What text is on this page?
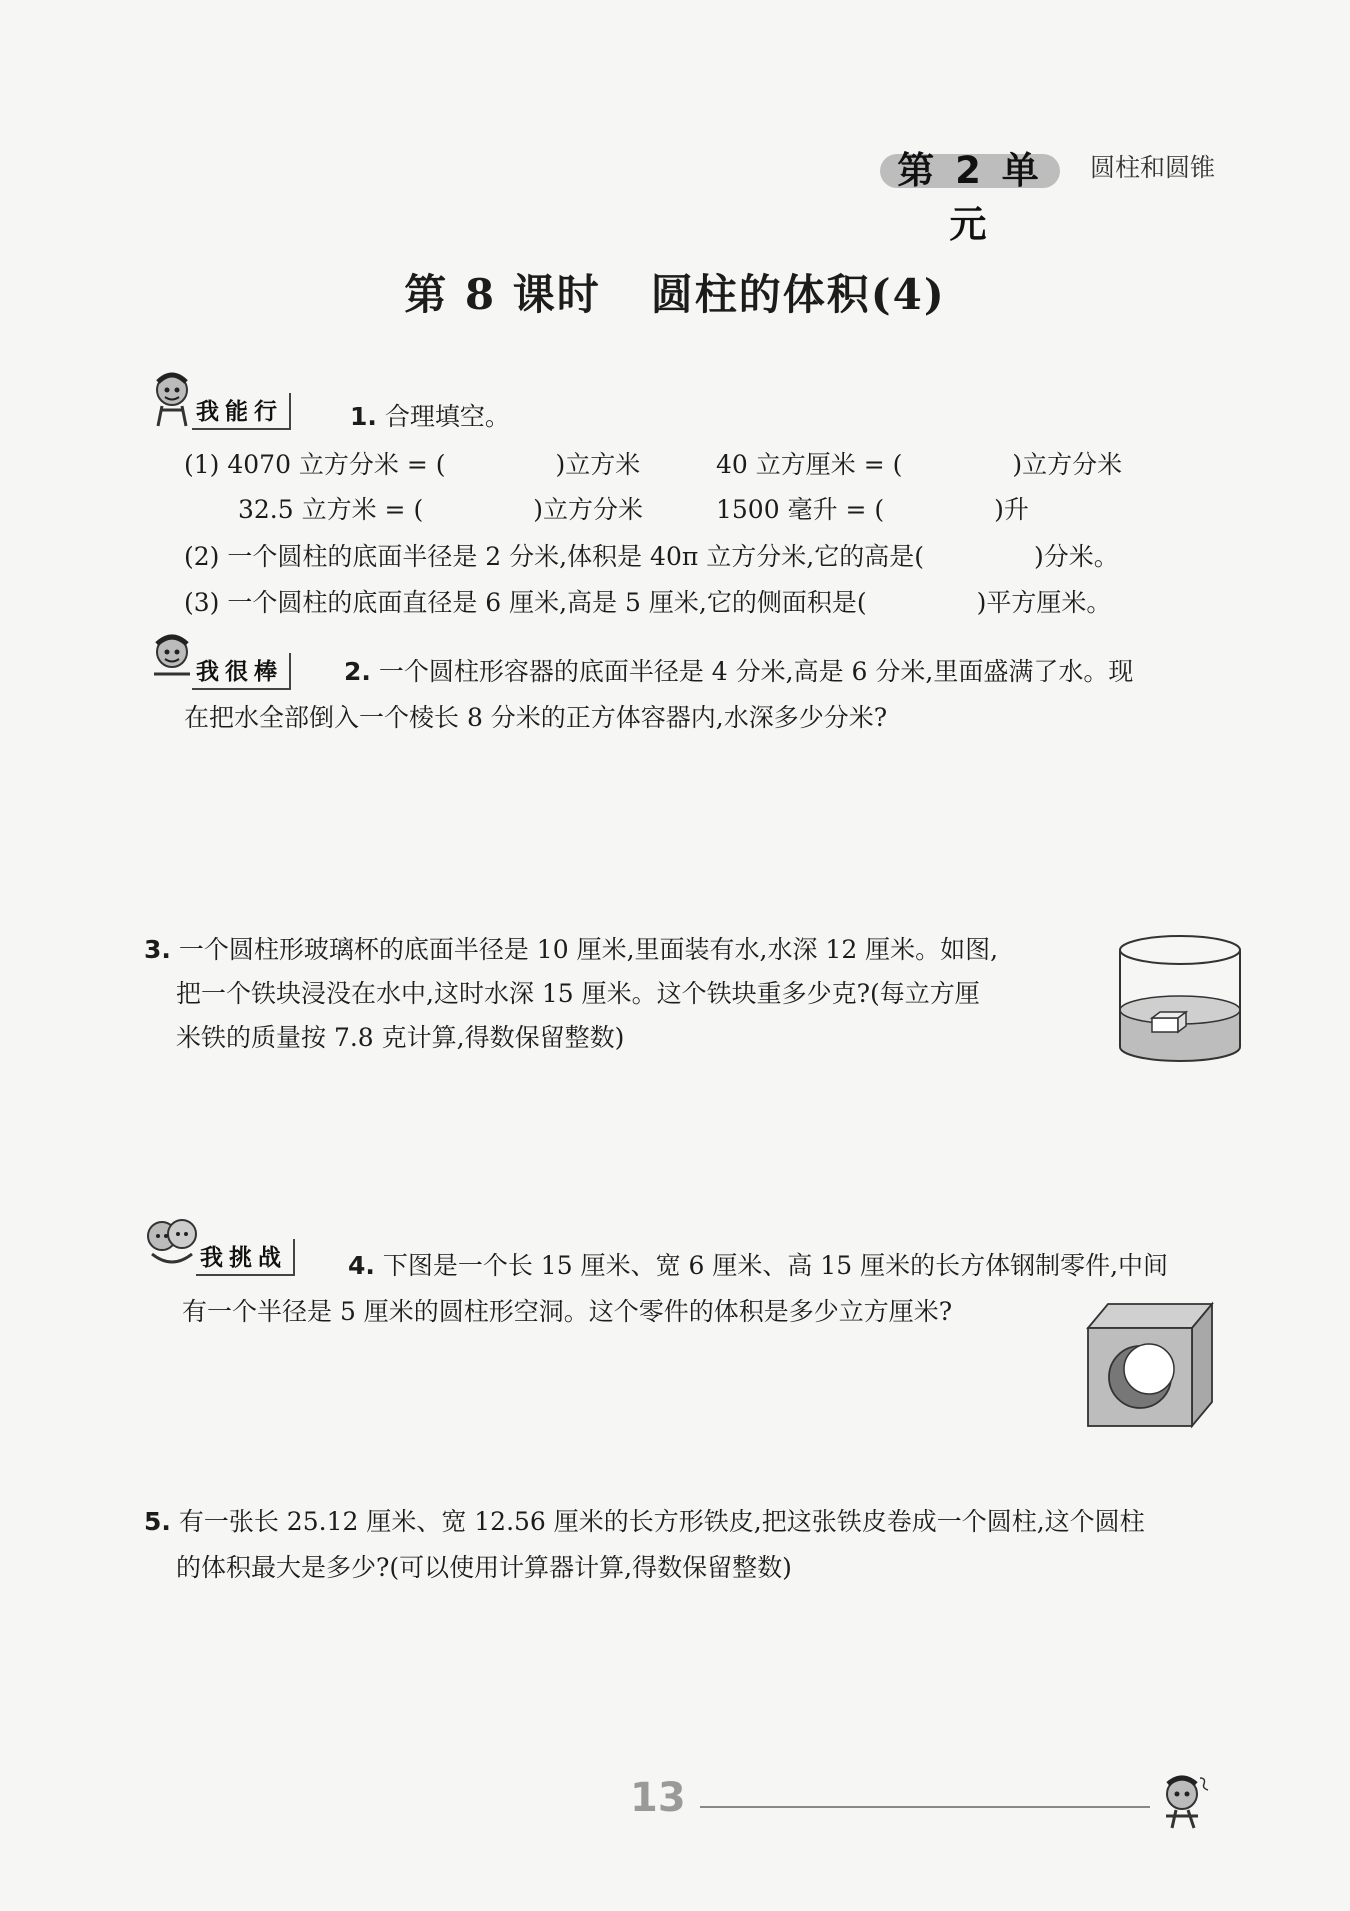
第 2 单元
圆柱和圆锥
第 8 课时 圆柱的体积(4)
我能行	1. 合理填空。
(1) 4070 立方分米 = (	)立方米	40 立方厘米 = (	)立方分米
32.5 立方米 = (	)立方分米	1500 毫升 = (	)升
(2) 一个圆柱的底面半径是 2 分米,体积是 40π 立方分米,它的高是(	)分米。
(3) 一个圆柱的底面直径是 6 厘米,高是 5 厘米,它的侧面积是(	)平方厘米。
我很棒	2. 一个圆柱形容器的底面半径是 4 分米,高是 6 分米,里面盛满了水。现
在把水全部倒入一个棱长 8 分米的正方体容器内,水深多少分米?
3. 一个圆柱形玻璃杯的底面半径是 10 厘米,里面装有水,水深 12 厘米。如图,
把一个铁块浸没在水中,这时水深 15 厘米。这个铁块重多少克?(每立方厘
米铁的质量按 7.8 克计算,得数保留整数)
我挑战	4. 下图是一个长 15 厘米、宽 6 厘米、高 15 厘米的长方体钢制零件,中间
有一个半径是 5 厘米的圆柱形空洞。这个零件的体积是多少立方厘米?
5. 有一张长 25.12 厘米、宽 12.56 厘米的长方形铁皮,把这张铁皮卷成一个圆柱,这个圆柱
的体积最大是多少?(可以使用计算器计算,得数保留整数)
13
